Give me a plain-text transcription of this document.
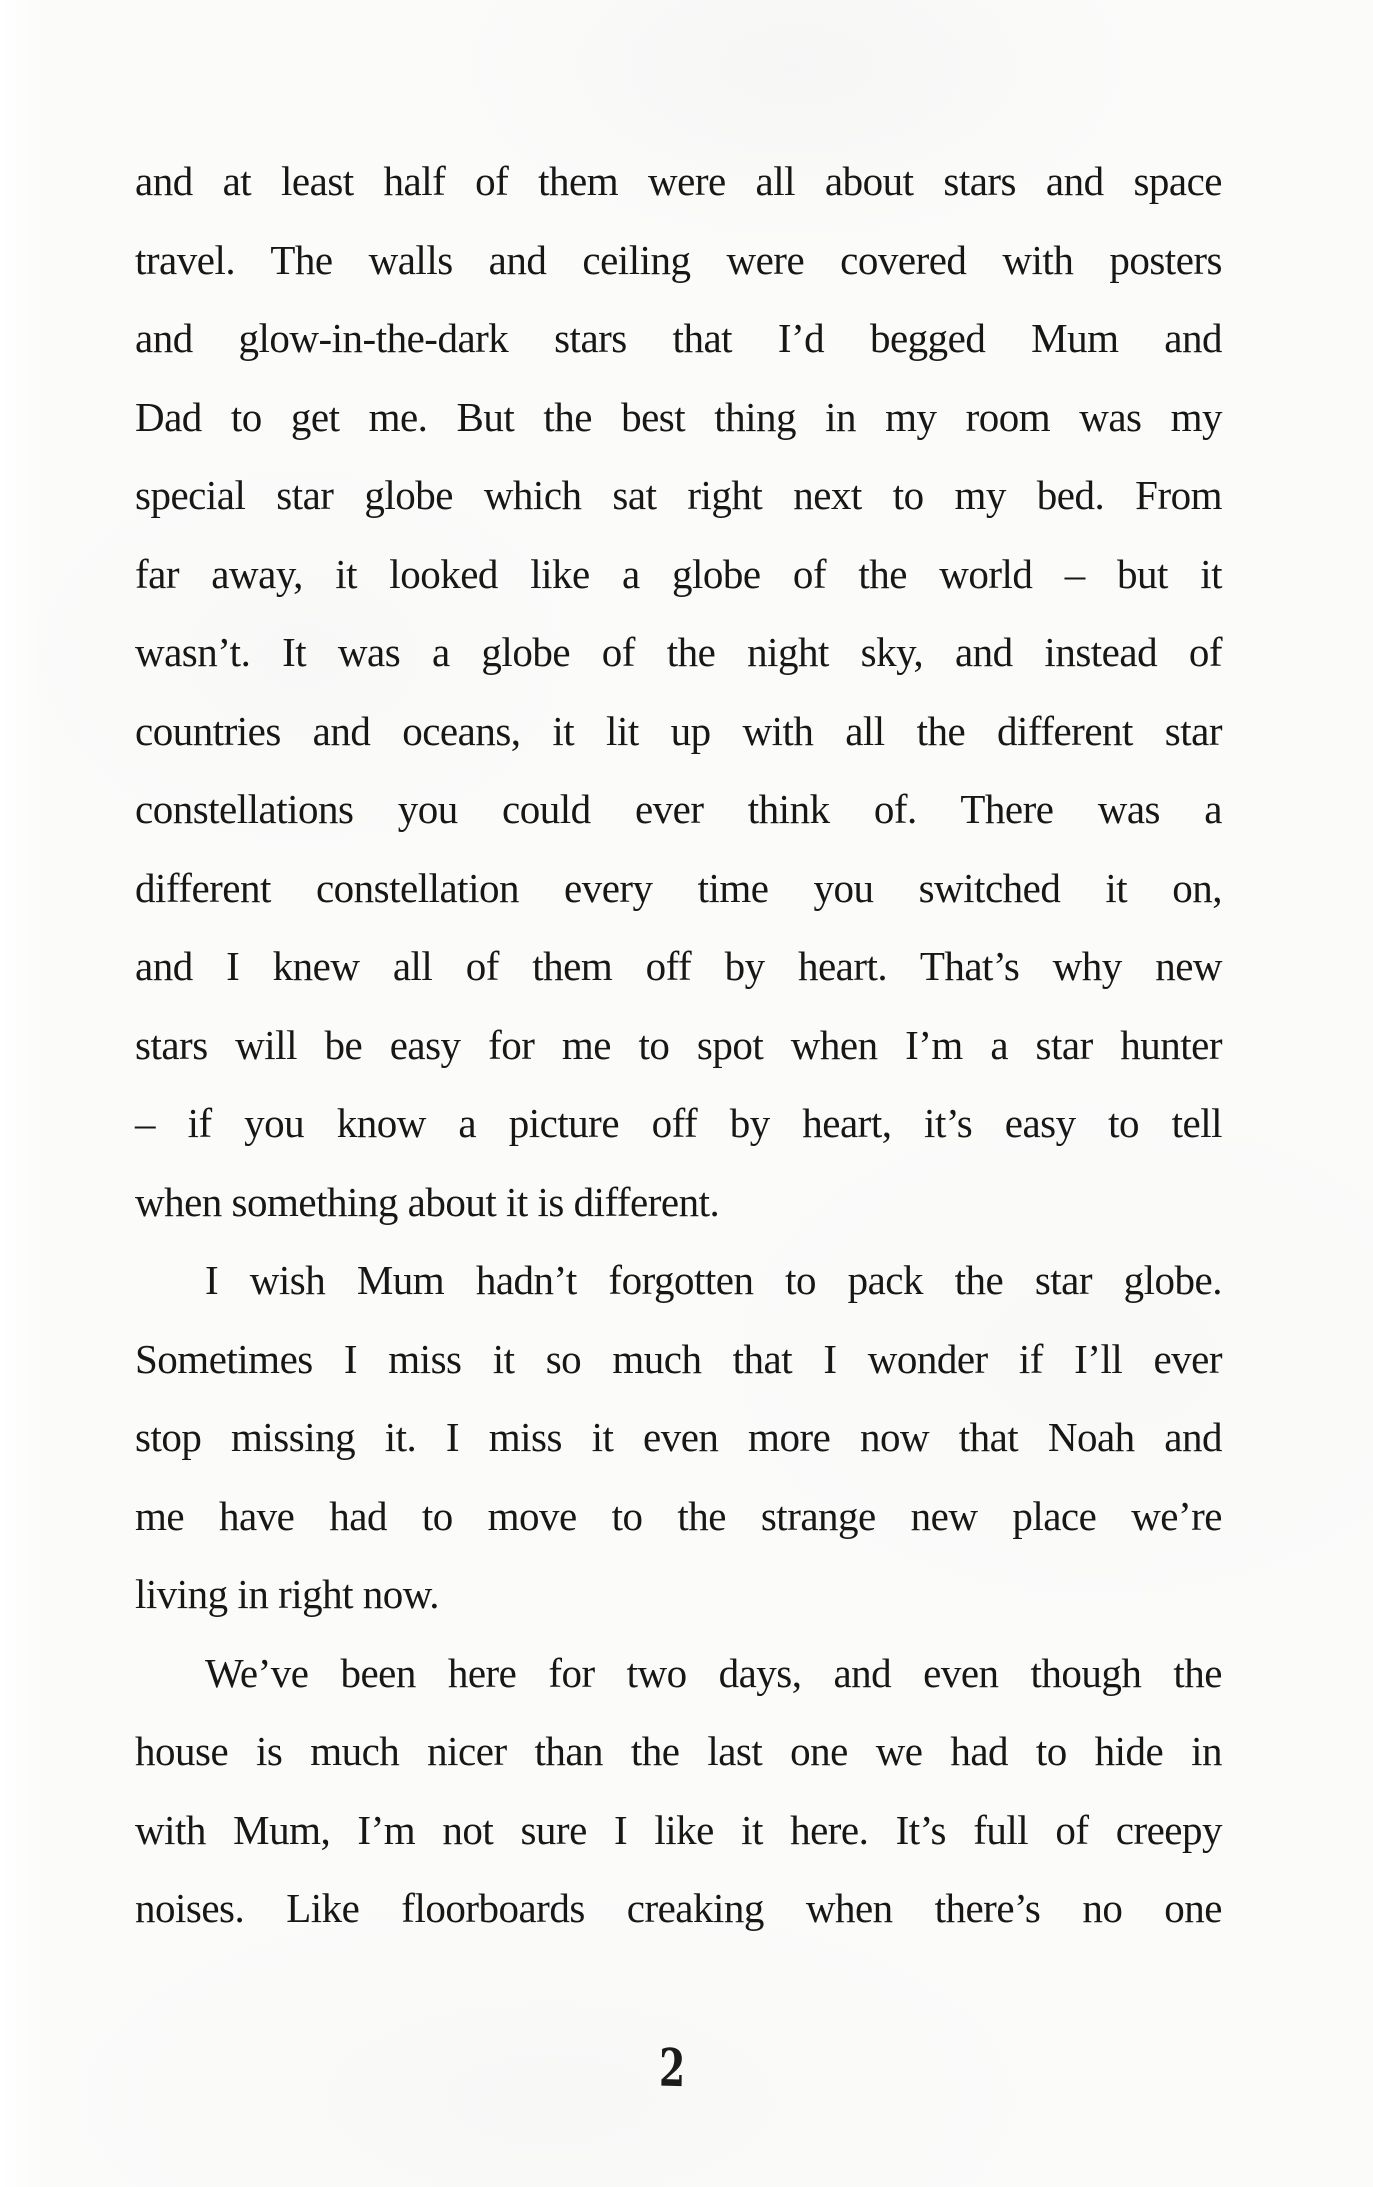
and at least half of them were all about stars and space

travel. The walls and ceiling were covered with posters

and glow-in-the-dark stars that I’d begged Mum and

Dad to get me. But the best thing in my room was my

special star globe which sat right next to my bed. From

far away, it looked like a globe of the world – but it

wasn’t. It was a globe of the night sky, and instead of

countries and oceans, it lit up with all the different star

constellations you could ever think of. There was a

different constellation every time you switched it on,

and I knew all of them off by heart. That’s why new

stars will be easy for me to spot when I’m a star hunter

– if you know a picture off by heart, it’s easy to tell

when something about it is different.

I wish Mum hadn’t forgotten to pack the star globe.

Sometimes I miss it so much that I wonder if I’ll ever

stop missing it. I miss it even more now that Noah and

me have had to move to the strange new place we’re

living in right now.

We’ve been here for two days, and even though the

house is much nicer than the last one we had to hide in

with Mum, I’m not sure I like it here. It’s full of creepy

noises. Like floorboards creaking when there’s no one

2
